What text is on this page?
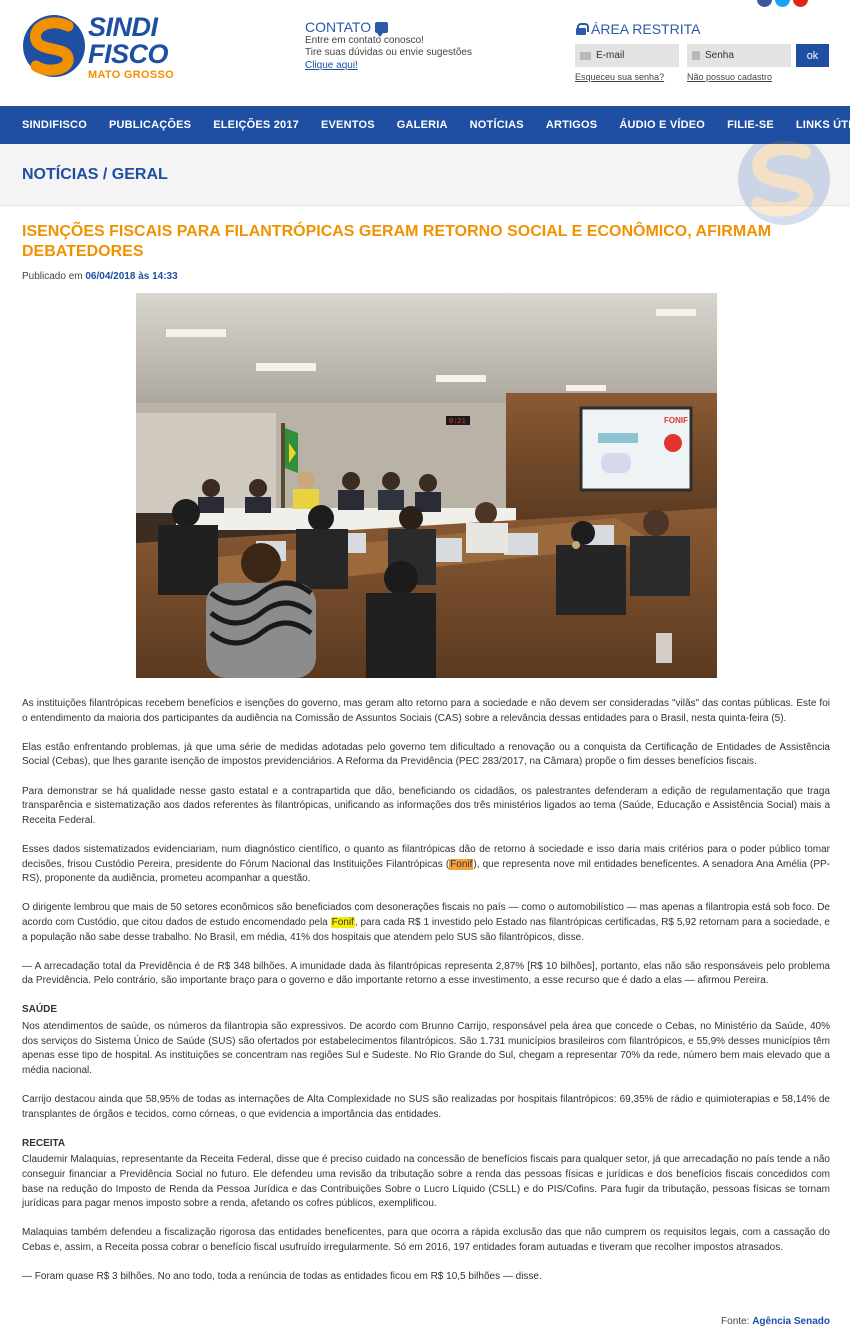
SINDI
FISCO
MATO GROSSO
CONTATO

Entre em contato conosco!

Tire suas dúvidas ou envie sugestões

Clique aqui!
ÁREA RESTRITA
E-mail
ok
Esqueceu sua senha?	Não possuo cadastro
SINDIFISCO PUBLICAÇÕES ELEIÇÕES 2017 EVENTOS GALERIA NOTÍCIAS ARTIGOS ÁUDIO E VÍDEO FILIE-SE LINKS ÚTEIS
NOTÍCIAS / GERAL
ISENÇÕES FISCAIS PARA FILANTRÓPICAS GERAM RETORNO SOCIAL E ECONÔMICO, AFIRMAM DEBATEDORES
Publicado em 06/04/2018 às 14:33
FONIF
0:21

As instituições filantrópicas recebem benefícios e isenções do governo, mas geram alto retorno para a sociedade e não devem ser consideradas "vilãs" das contas públicas. Este foi o entendimento da maioria dos participantes da audiência na Comissão de Assuntos Sociais (CAS) sobre a relevância dessas entidades para o Brasil, nesta quinta-feira (5).

Elas estão enfrentando problemas, já que uma série de medidas adotadas pelo governo tem dificultado a renovação ou a conquista da Certificação de Entidades de Assistência Social (Cebas), que lhes garante isenção de impostos previdenciários. A Reforma da Previdência (PEC 283/2017, na Câmara) propõe o fim desses benefícios fiscais.

Para demonstrar se há qualidade nesse gasto estatal e a contrapartida que dão, beneficiando os cidadãos, os palestrantes defenderam a edição de regulamentação que traga transparência e sistematização aos dados referentes às filantrópicas, unificando as informações dos três ministérios ligados ao tema (Saúde, Educação e Assistência Social) mais a Receita Federal.

Esses dados sistematizados evidenciariam, num diagnóstico científico, o quanto as filantrópicas dão de retorno à sociedade e isso daria mais critérios para o poder público tomar decisões, frisou Custódio Pereira, presidente do Fórum Nacional das Instituições Filantrópicas (Fonif), que representa nove mil entidades beneficentes. A senadora Ana Amélia (PP-RS), proponente da audiência, prometeu acompanhar a questão.

O dirigente lembrou que mais de 50 setores econômicos são beneficiados com desonerações fiscais no país — como o automobilístico — mas apenas a filantropia está sob foco. De acordo com Custódio, que citou dados de estudo encomendado pela Fonif, para cada R$ 1 investido pelo Estado nas filantrópicas certificadas, R$ 5,92 retornam para a sociedade, e a população não sabe desse trabalho. No Brasil, em média, 41% dos hospitais que atendem pelo SUS são filantrópicos, disse.

— A arrecadação total da Previdência é de R$ 348 bilhões. A imunidade dada às filantrópicas representa 2,87% [R$ 10 bilhões], portanto, elas não são responsáveis pelo problema da Previdência. Pelo contrário, são importante braço para o governo e dão importante retorno a esse investimento, a esse recurso que é dado a elas — afirmou Pereira.

SAÚDE

Nos atendimentos de saúde, os números da filantropia são expressivos. De acordo com Brunno Carrijo, responsável pela área que concede o Cebas, no Ministério da Saúde, 40% dos serviços do Sistema Único de Saúde (SUS) são ofertados por estabelecimentos filantrópicos. São 1.731 municípios brasileiros com filantrópicos, e 55,9% desses municípios têm apenas esse tipo de hospital. As instituições se concentram nas regiões Sul e Sudeste. No Rio Grande do Sul, chegam a representar 70% da rede, número bem mais elevado que a média nacional.

Carrijo destacou ainda que 58,95% de todas as internações de Alta Complexidade no SUS são realizadas por hospitais filantrópicos: 69,35% de rádio e quimioterapias e 58,14% de transplantes de órgãos e tecidos, como córneas, o que evidencia a importância das entidades.

RECEITA

Claudemir Malaquias, representante da Receita Federal, disse que é preciso cuidado na concessão de benefícios fiscais para qualquer setor, já que arrecadação no país tende a não conseguir financiar a Previdência Social no futuro. Ele defendeu uma revisão da tributação sobre a renda das pessoas físicas e jurídicas e dos benefícios fiscais concedidos com base na redução do Imposto de Renda da Pessoa Jurídica e das Contribuições Sobre o Lucro Líquido (CSLL) e do PIS/Cofins. Para fugir da tributação, pessoas físicas se tornam jurídicas para pagar menos imposto sobre a renda, afetando os cofres públicos, exemplificou.

Malaquias também defendeu a fiscalização rigorosa das entidades beneficentes, para que ocorra a rápida exclusão das que não cumprem os requisitos legais, com a cassação do Cebas e, assim, a Receita possa cobrar o benefício fiscal usufruído irregularmente. Só em 2016, 197 entidades foram autuadas e tiveram que recolher impostos atrasados.

— Foram quase R$ 3 bilhões. No ano todo, toda a renúncia de todas as entidades ficou em R$ 10,5 bilhões — disse.

Fonte: Agência Senado
